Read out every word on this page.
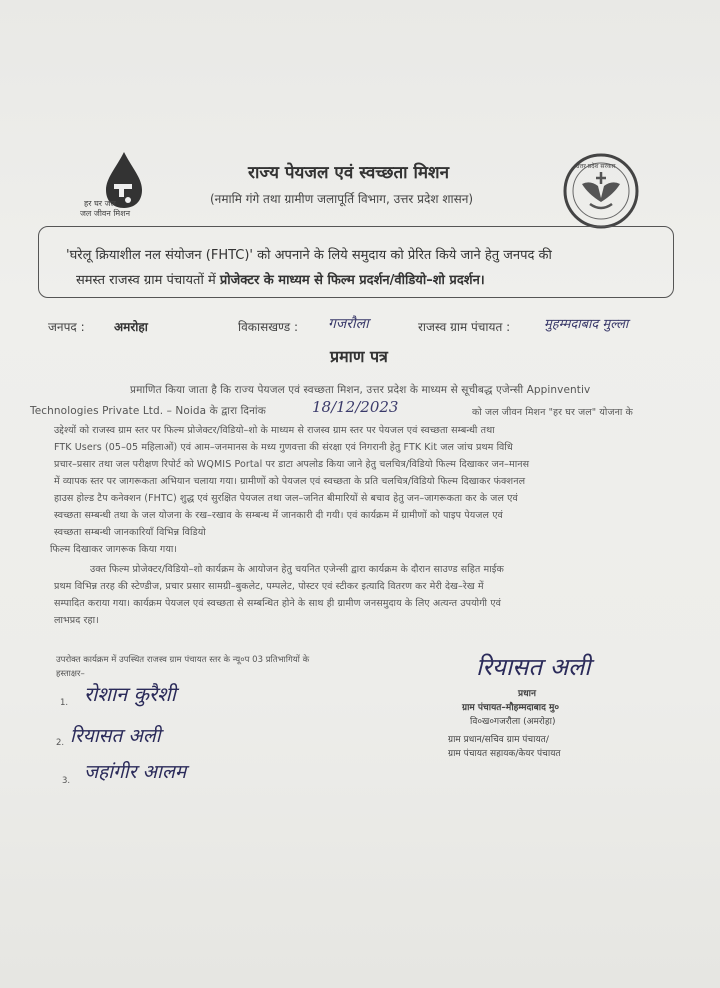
हर घर जल
जल जीवन मिशन
उत्तर प्रदेश सरकार
राज्य पेयजल एवं स्वच्छता मिशन
(नमामि गंगे तथा ग्रामीण जलापूर्ति विभाग, उत्तर प्रदेश शासन)
'घरेलू क्रियाशील नल संयोजन (FHTC)' को अपनाने के लिये समुदाय को प्रेरित किये जाने हेतु जनपद की
समस्त राजस्व ग्राम पंचायतों में प्रोजेक्टर के माध्यम से फिल्म प्रदर्शन/वीडियो–शो प्रदर्शन।
जनपद : अमरोहा	विकासखण्ड : गजरौला	राजस्व ग्राम पंचायत :	मुहम्मदाबाद मुल्ला
प्रमाण पत्र
प्रमाणित किया जाता है कि राज्य पेयजल एवं स्वच्छता मिशन, उत्तर प्रदेश के माध्यम से सूचीबद्ध एजेन्सी Appinventiv
Technologies Private Ltd. – Noida के द्वारा दिनांक	18/12/2023	को जल जीवन मिशन "हर घर जल" योजना के
उद्देश्यों को राजस्व ग्राम स्तर पर फिल्म प्रोजेक्टर/विडियो–शो के माध्यम से राजस्व ग्राम स्तर पर पेयजल एवं स्वच्छता सम्बन्धी तथा
FTK Users (05–05 महिलाओं) एवं आम–जनमानस के मध्य गुणवत्ता की संरक्षा एवं निगरानी हेतु FTK Kit जल जांच प्रथम विधि
प्रचार–प्रसार तथा जल परीक्षण रिपोर्ट को WQMIS Portal पर डाटा अपलोड किया जाने हेतु चलचित्र/विडियो फिल्म दिखाकर जन–मानस
में व्यापक स्तर पर जागरूकता अभियान चलाया गया। ग्रामीणों को पेयजल एवं स्वच्छता के प्रति चलचित्र/विडियो फिल्म दिखाकर फंक्शनल
हाउस होल्ड टैप कनेक्शन (FHTC) शुद्ध एवं सुरक्षित पेयजल तथा जल–जनित बीमारियों से बचाव हेतु जन–जागरूकता कर के जल एवं
स्वच्छता सम्बन्धी तथा के जल योजना के रख–रखाव के सम्बन्ध में जानकारी दी गयी। एवं कार्यक्रम में ग्रामीणों को पाइप पेयजल एवं
स्वच्छता सम्बन्धी जानकारियाँ विभिन्न विडियो
फिल्म दिखाकर जागरूक किया गया।
उक्त फिल्म प्रोजेक्टर/विडियो–शो कार्यक्रम के आयोजन हेतु चयनित एजेन्सी द्वारा कार्यक्रम के दौरान साउण्ड सहित माईक
प्रथम विभिन्न तरह की स्टेण्डीज, प्रचार प्रसार सामग्री–बुकलेट, पम्पलेट, पोस्टर एवं स्टीकर इत्यादि वितरण कर मेरी देख–रेख में
सम्पादित कराया गया। कार्यक्रम पेयजल एवं स्वच्छता से सम्बन्धित होने के साथ ही ग्रामीण जनसमुदाय के लिए अत्यन्त उपयोगी एवं
लाभप्रद रहा।
उपरोक्त कार्यक्रम में उपस्थित राजस्व ग्राम पंचायत स्तर के न्यू०प 03 प्रतिभागियों के
हस्ताक्षर–
1. रोशान कुरैशी
2. रियासत अली
3. जहांगीर आलम
रियासत अली
प्रधान
ग्राम पंचायत–मौहम्मदाबाद मु०
वि०ख०गजरौला (अमरोहा)
ग्राम प्रधान/सचिव ग्राम पंचायत/
ग्राम पंचायत सहायक/केयर पंचायत
